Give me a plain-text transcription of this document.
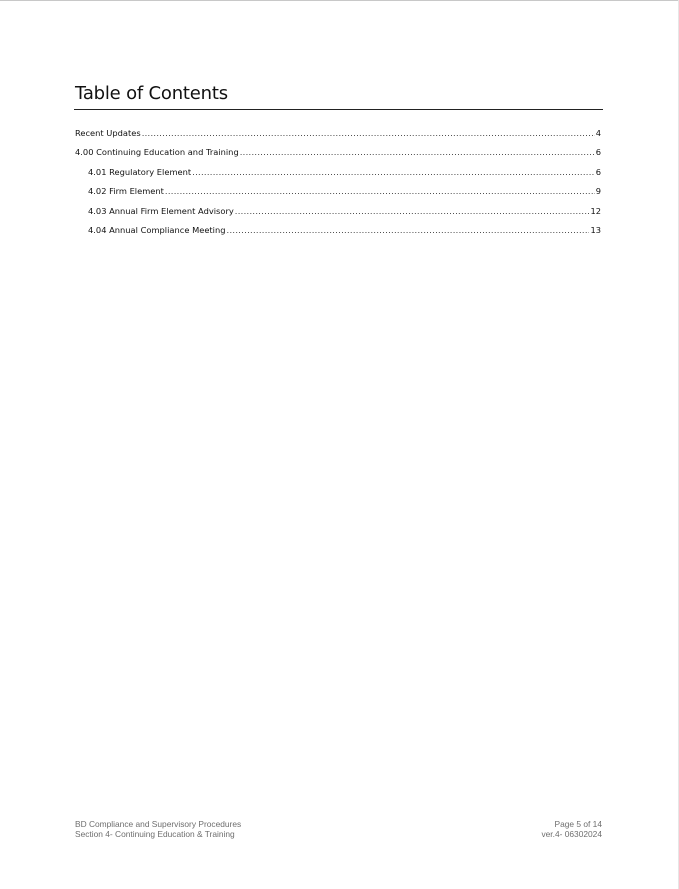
Table of Contents
Recent Updates .....	4
4.00 Continuing Education and Training .....	6
4.01 Regulatory Element .....	6
4.02 Firm Element .....	9
4.03 Annual Firm Element Advisory .....	12
4.04 Annual Compliance Meeting .....	13
BD Compliance and Supervisory Procedures
Section 4- Continuing Education & Training
Page 5 of 14
ver.4- 06302024
